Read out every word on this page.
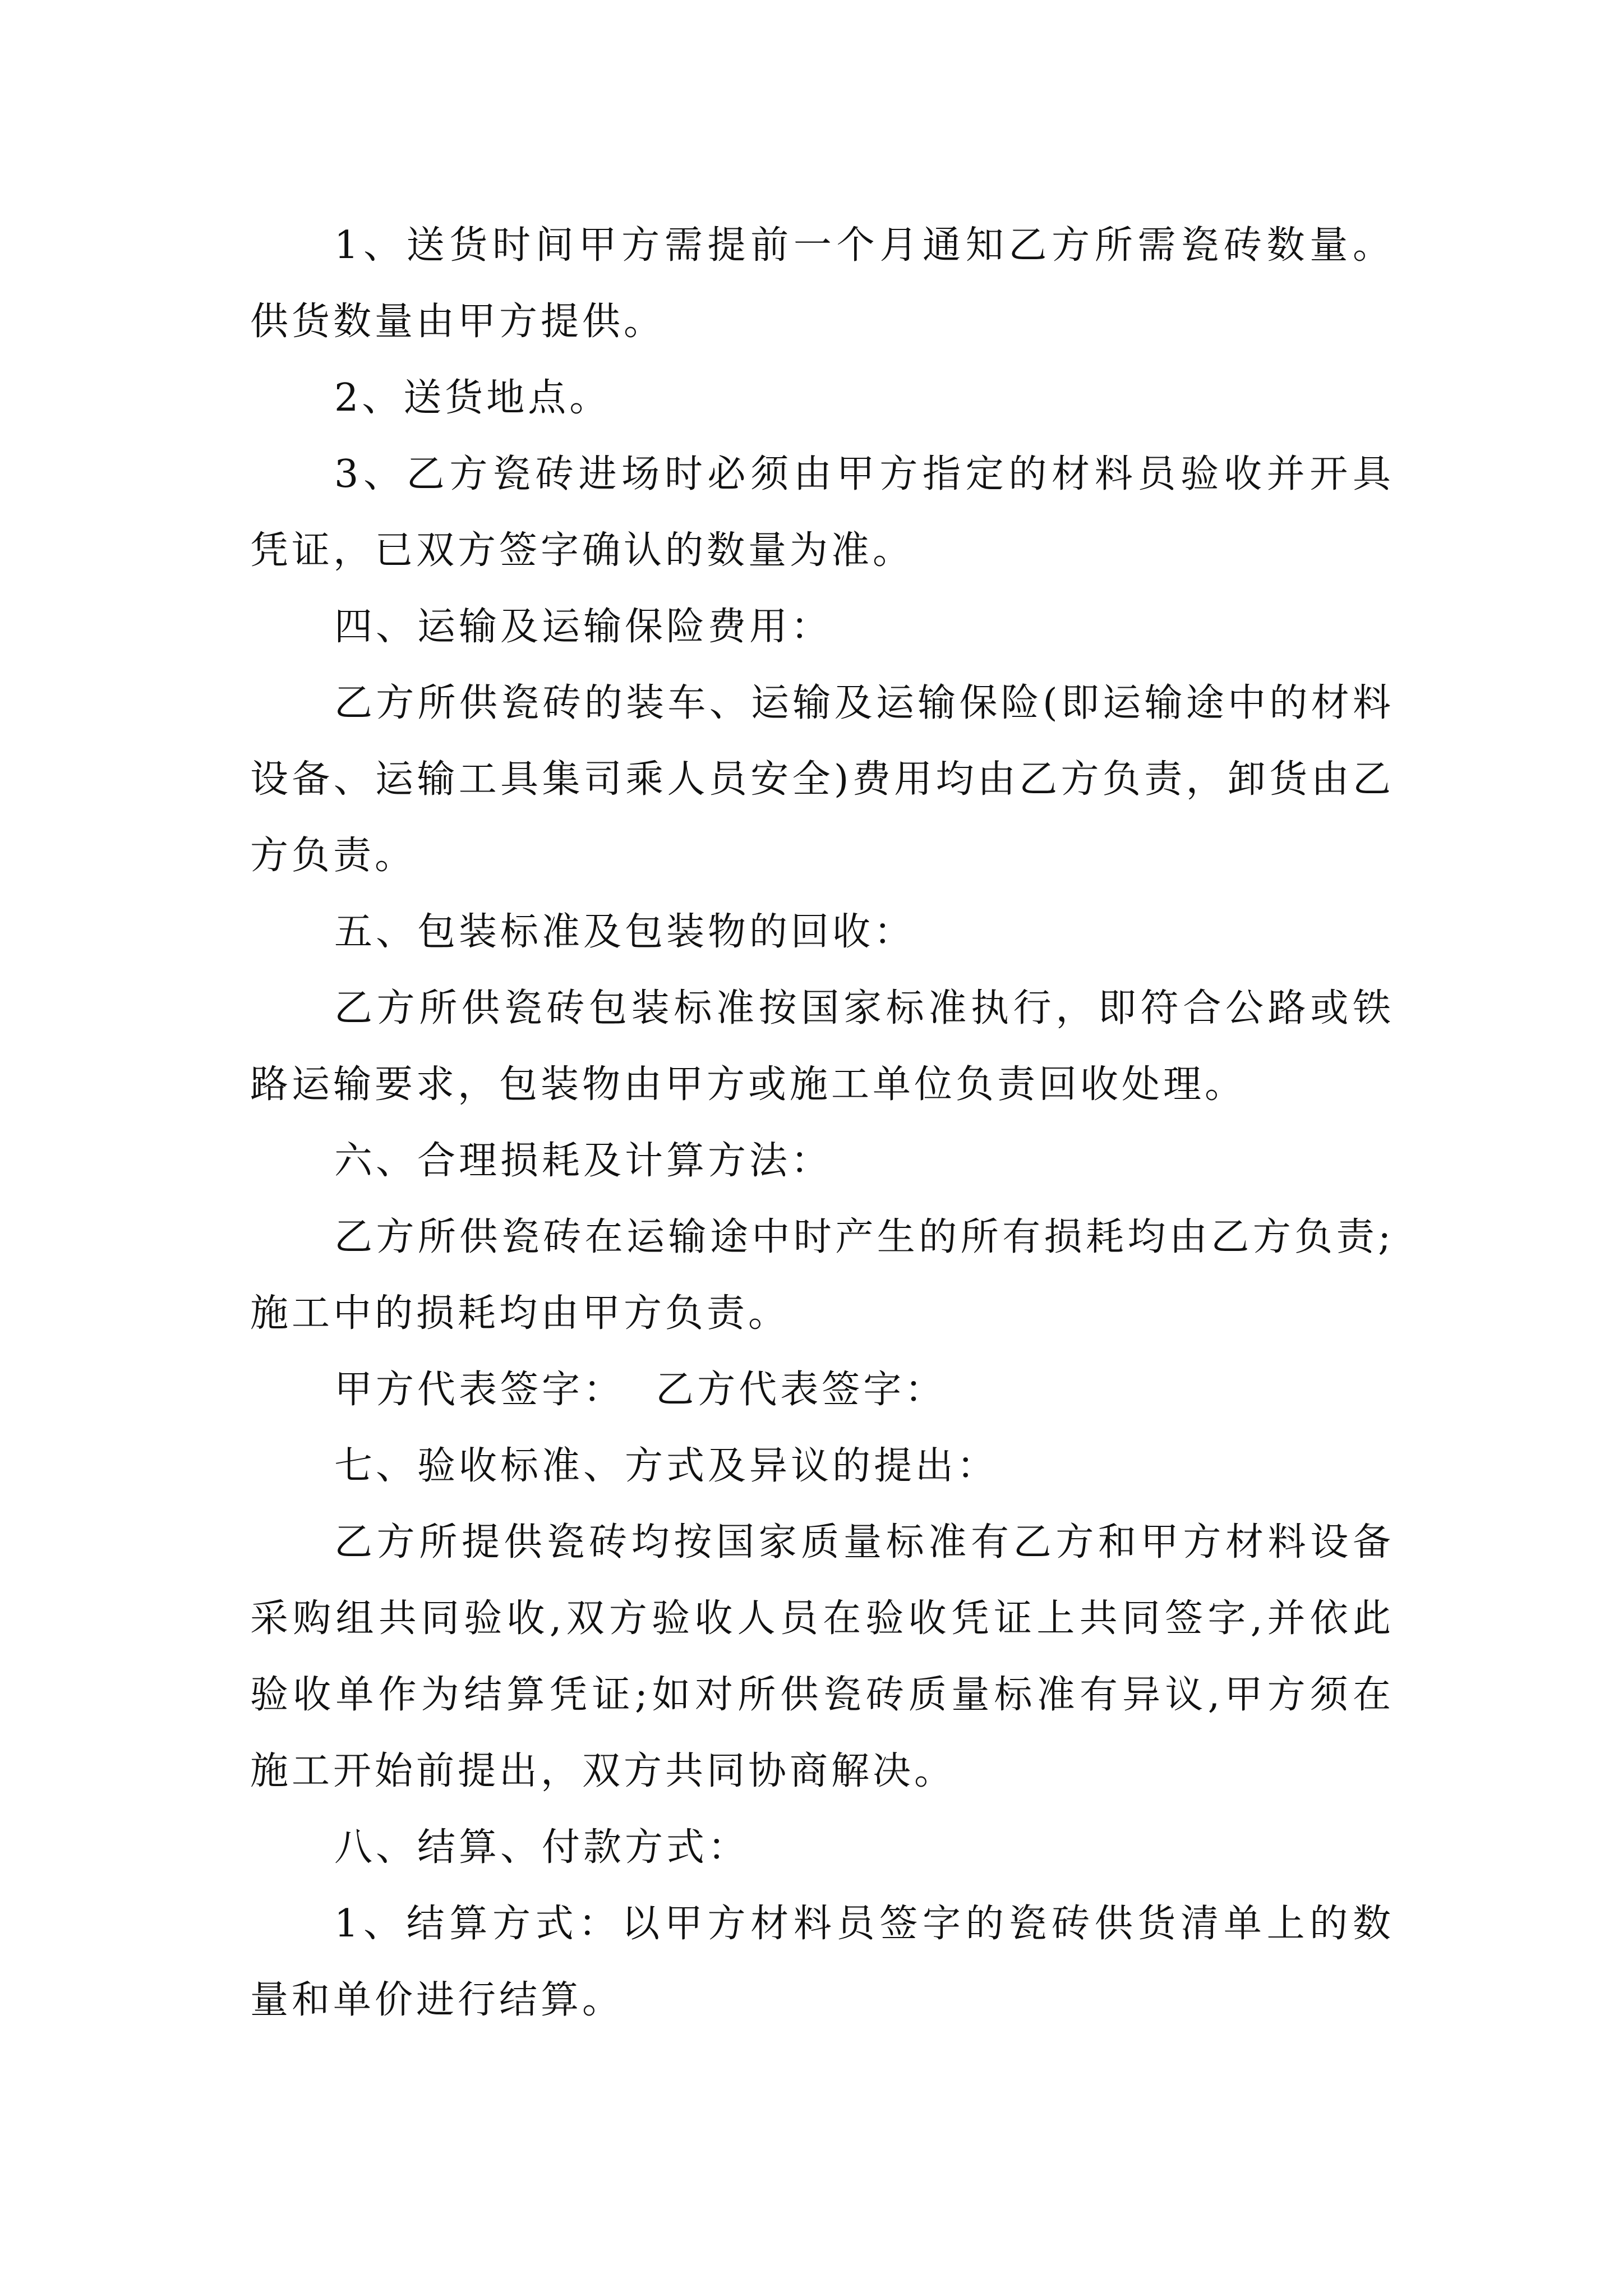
1、送货时间甲方需提前一个月通知乙方所需瓷砖数量。供货数量由甲方提供。

2、送货地点。

3、乙方瓷砖进场时必须由甲方指定的材料员验收并开具凭证，已双方签字确认的数量为准。

四、运输及运输保险费用：

乙方所供瓷砖的装车、运输及运输保险(即运输途中的材料设备、运输工具集司乘人员安全)费用均由乙方负责，卸货由乙方负责。

五、包装标准及包装物的回收：

乙方所供瓷砖包装标准按国家标准执行，即符合公路或铁路运输要求，包装物由甲方或施工单位负责回收处理。

六、合理损耗及计算方法：

乙方所供瓷砖在运输途中时产生的所有损耗均由乙方负责;施工中的损耗均由甲方负责。

甲方代表签字：  乙方代表签字：

七、验收标准、方式及异议的提出：

乙方所提供瓷砖均按国家质量标准有乙方和甲方材料设备采购组共同验收,双方验收人员在验收凭证上共同签字,并依此验收单作为结算凭证;如对所供瓷砖质量标准有异议,甲方须在施工开始前提出，双方共同协商解决。

八、结算、付款方式：

1、结算方式：以甲方材料员签字的瓷砖供货清单上的数量和单价进行结算。
